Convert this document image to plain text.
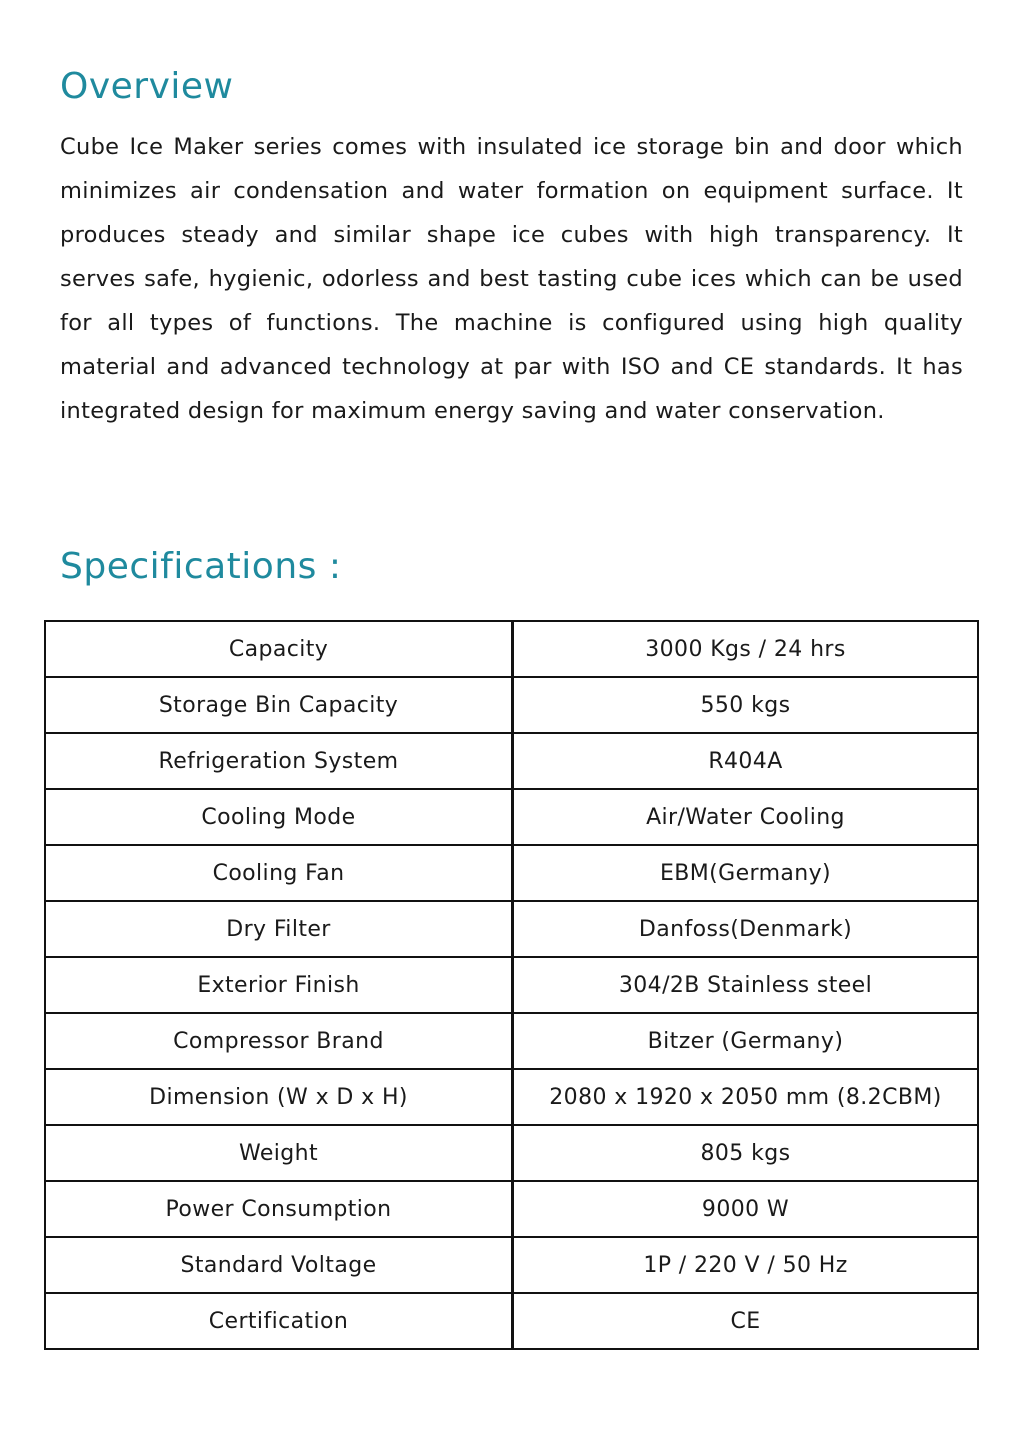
Overview

Cube Ice Maker series comes with insulated ice storage bin and door which minimizes air condensation and water formation on equipment surface. It produces steady and similar shape ice cubes with high transparency. It serves safe, hygienic, odorless and best tasting cube ices which can be used for all types of functions. The machine is configured using high quality material and advanced technology at par with ISO and CE standards. It has integrated design for maximum energy saving and water conservation.

Specifications :
Capacity	3000 Kgs / 24 hrs
Storage Bin Capacity	550 kgs
Refrigeration System	R404A
Cooling Mode	Air/Water Cooling
Cooling Fan	EBM(Germany)
Dry Filter	Danfoss(Denmark)
Exterior Finish	304/2B Stainless steel
Compressor Brand	Bitzer (Germany)
Dimension (W x D x H)	2080 x 1920 x 2050 mm (8.2CBM)
Weight	805 kgs
Power Consumption	9000 W
Standard Voltage	1P / 220 V / 50 Hz
Certification	CE
